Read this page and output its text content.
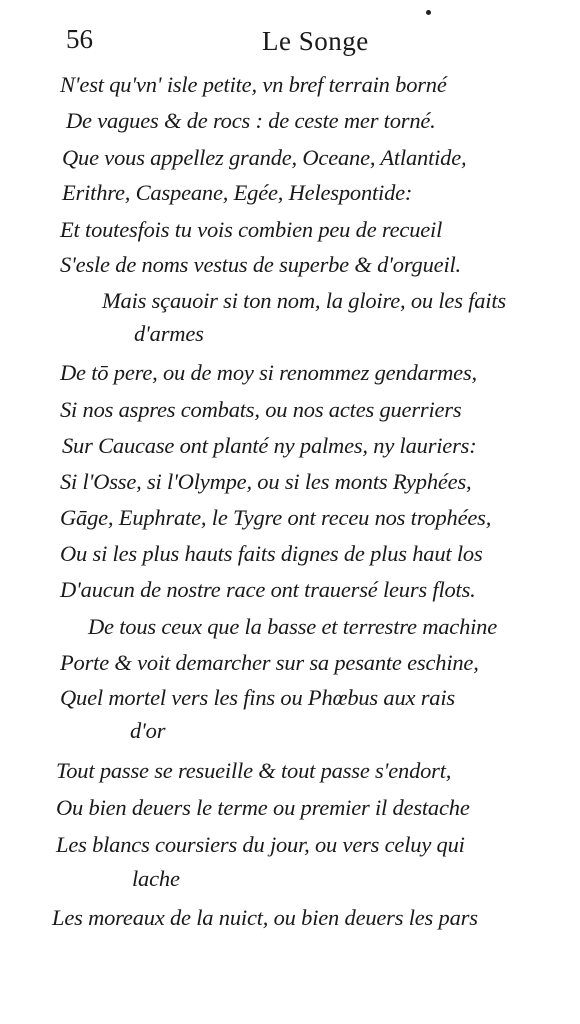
56	Le Songe
N'est qu'vn' isle petite, vn bref terrain borné
De vagues & de rocs : de ceste mer torné.
Que vous appellez grande, Oceane, Atlantide,
Erithre, Caspeane, Egée, Helespontide:
Et toutesfois tu vois combien peu de recueil
S'esle de noms vestus de superbe & d'orgueil.
Mais sçauoir si ton nom, la gloire, ou les faits
d'armes
De tō pere, ou de moy si renommez gendarmes,
Si nos aspres combats, ou nos actes guerriers
Sur Caucase ont planté ny palmes, ny lauriers:
Si l'Osse, si l'Olympe, ou si les monts Ryphées,
Gāge, Euphrate, le Tygre ont receu nos trophées,
Ou si les plus hauts faits dignes de plus haut los
D'aucun de nostre race ont trauersé leurs flots.
De tous ceux que la basse et terrestre machine
Porte & voit demarcher sur sa pesante eschine,
Quel mortel vers les fins ou Phœbus aux rais
d'or
Tout passe se resueille & tout passe s'endort,
Ou bien deuers le terme ou premier il destache
Les blancs coursiers du jour, ou vers celuy qui
lache
Les moreaux de la nuict, ou bien deuers les pars
